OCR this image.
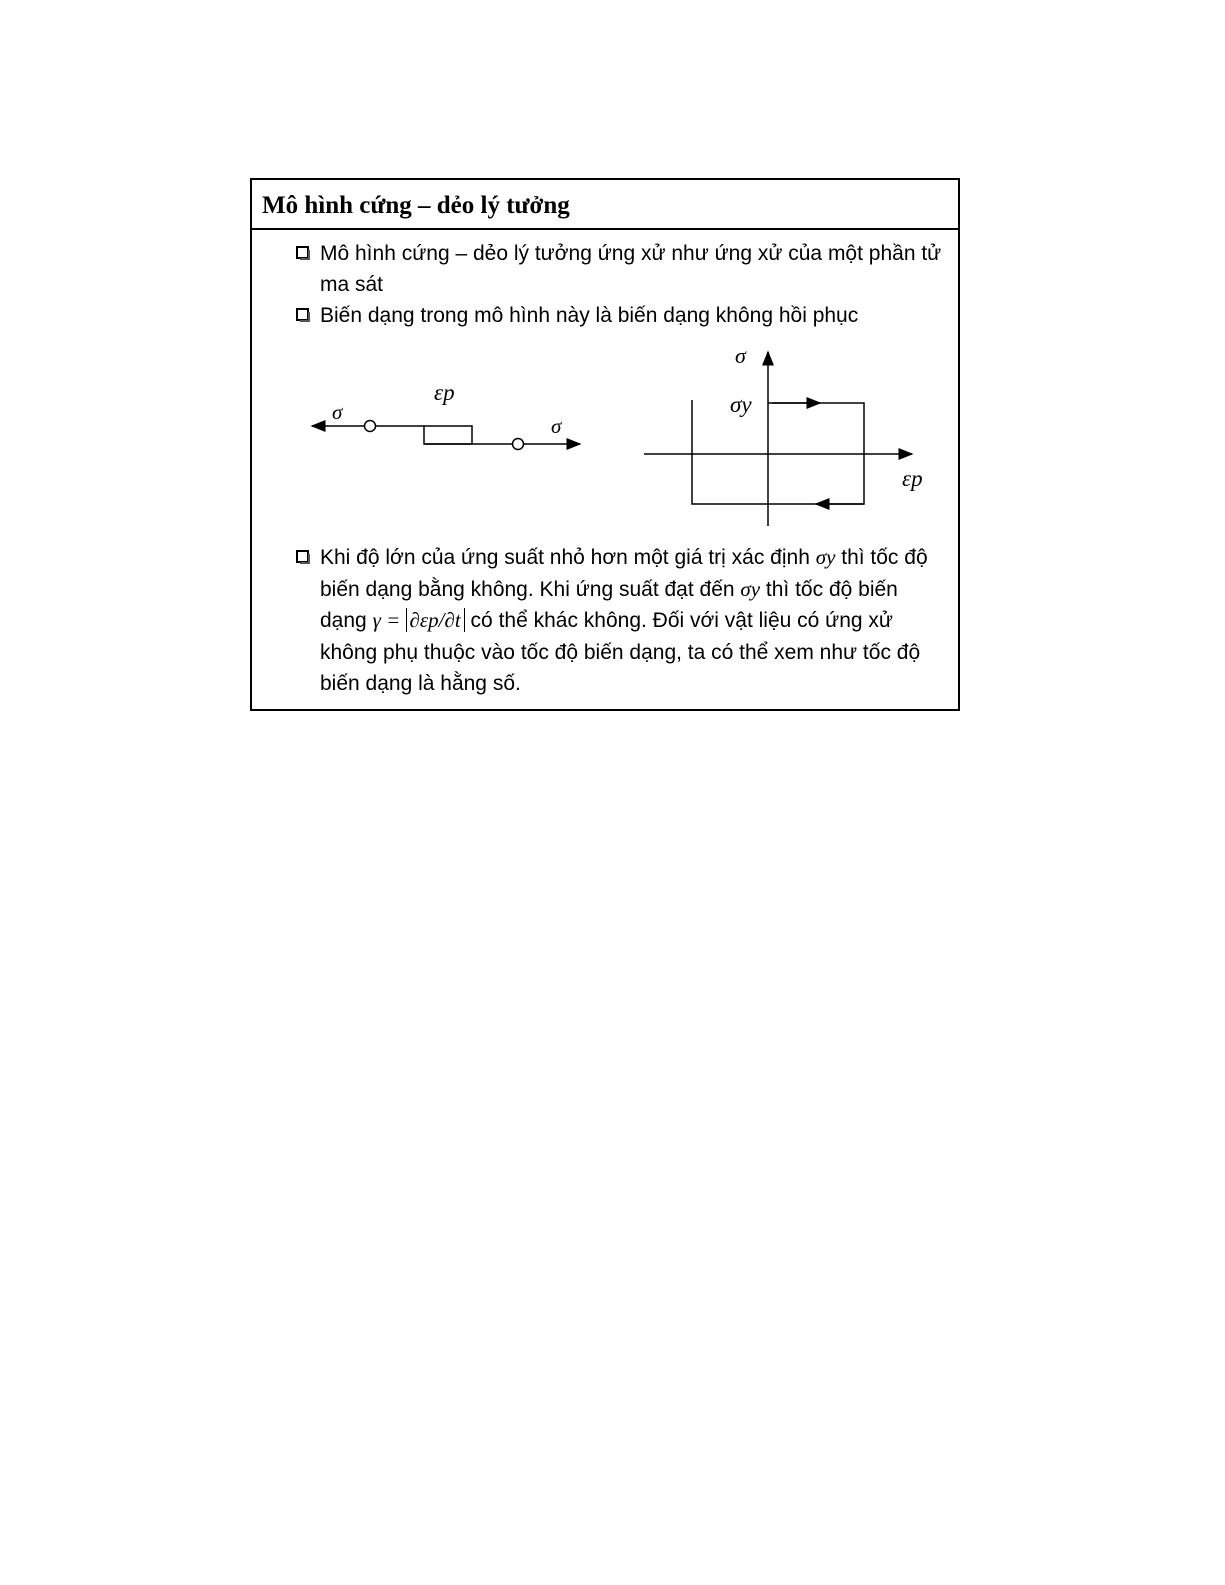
Mô hình cứng – dẻo lý tưởng
Mô hình cứng – dẻo lý tưởng ứng xử như ứng xử của một phần tử ma sát
Biến dạng trong mô hình này là biến dạng không hồi phục
σ
σ
εp
σ
σy
εp
Khi độ lớn của ứng suất nhỏ hơn một giá trị xác định σy thì tốc độ biến dạng bằng không. Khi ứng suất đạt đến σy thì tốc độ biến dạng γ = ∂εp/∂t có thể khác không. Đối với vật liệu có ứng xử không phụ thuộc vào tốc độ biến dạng, ta có thể xem như tốc độ biến dạng là hằng số.
